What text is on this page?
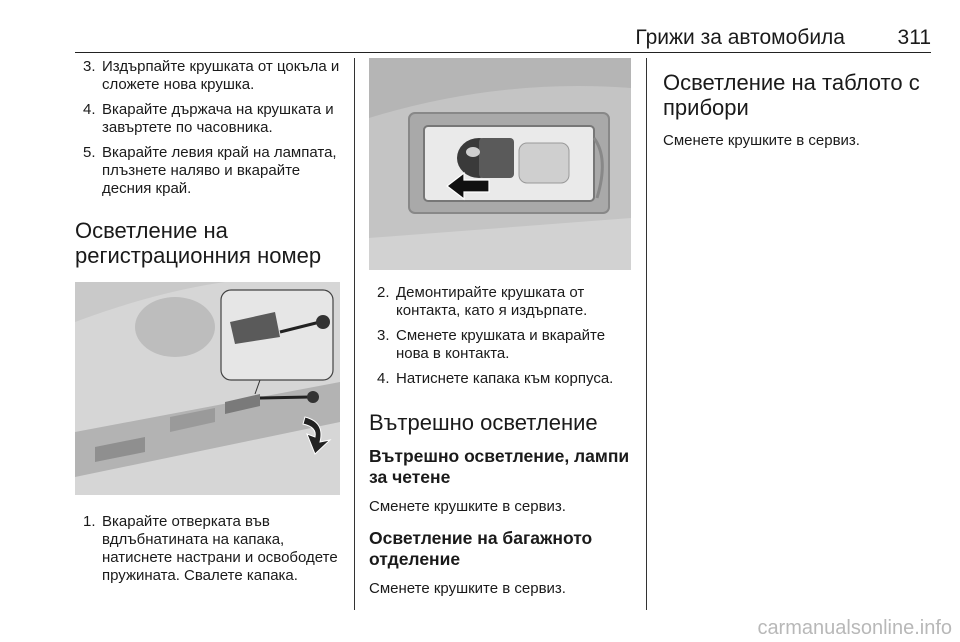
Грижи за автомобила	311
3. Издърпайте крушката от цокъла и сложете нова крушка.
4. Вкарайте държача на крушката и завъртете по часовника.
5. Вкарайте левия край на лампата, плъзнете наляво и вкарайте десния край.
Осветление на регистрационния номер
1. Вкарайте отверката във вдлъбнатината на капака, натиснете настрани и освободете пружината. Свалете капака.
2. Демонтирайте крушката от контакта, като я издърпате.
3. Сменете крушката и вкарайте нова в контакта.
4. Натиснете капака към корпуса.
Вътрешно осветление
Вътрешно осветление, лампи за четене

Сменете крушките в сервиз.

Осветление на багажното отделение

Сменете крушките в сервиз.

Осветление на таблото с прибори

Сменете крушките в сервиз.

carmanualsonline.info
